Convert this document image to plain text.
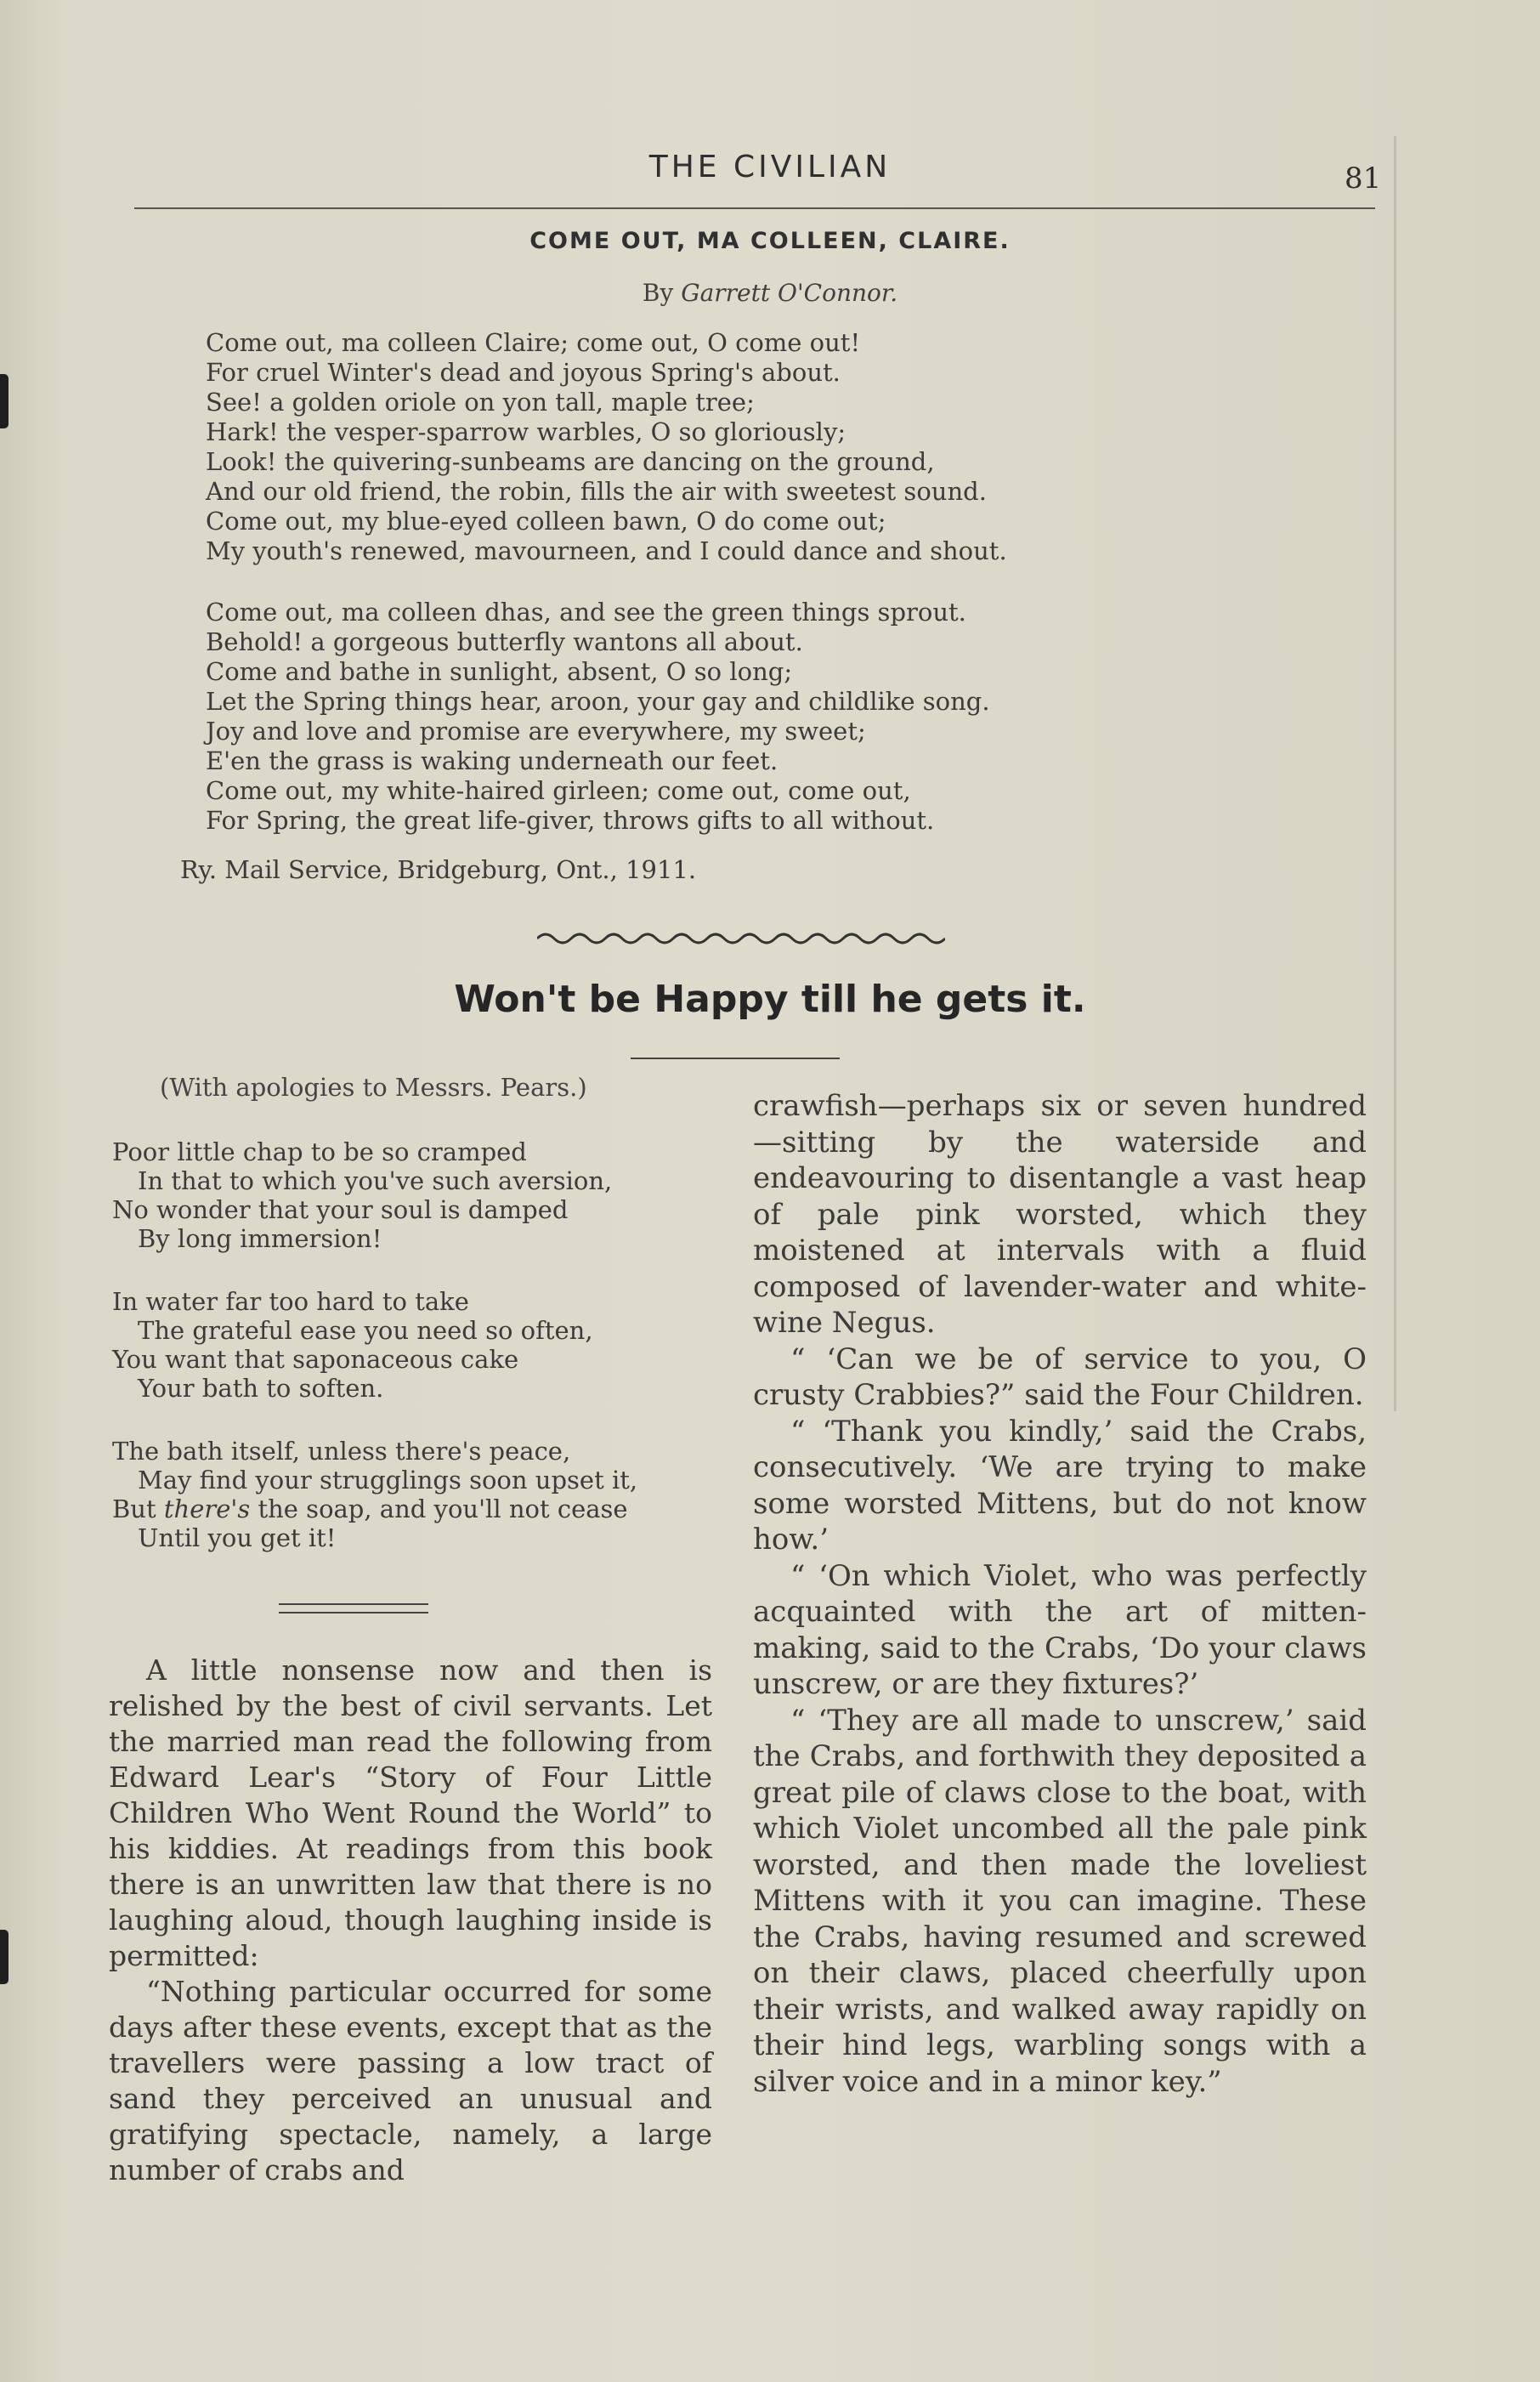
THE CIVILIAN	81
COME OUT, MA COLLEEN, CLAIRE.
By Garrett O'Connor.
Come out, ma colleen Claire; come out, O come out!
For cruel Winter's dead and joyous Spring's about.
See! a golden oriole on yon tall, maple tree;
Hark! the vesper-sparrow warbles, O so gloriously;
Look! the quivering-sunbeams are dancing on the ground,
And our old friend, the robin, fills the air with sweetest sound.
Come out, my blue-eyed colleen bawn, O do come out;
My youth's renewed, mavourneen, and I could dance and shout.
Come out, ma colleen dhas, and see the green things sprout.
Behold! a gorgeous butterfly wantons all about.
Come and bathe in sunlight, absent, O so long;
Let the Spring things hear, aroon, your gay and childlike song.
Joy and love and promise are everywhere, my sweet;
E'en the grass is waking underneath our feet.
Come out, my white-haired girleen; come out, come out,
For Spring, the great life-giver, throws gifts to all without.
Ry. Mail Service, Bridgeburg, Ont., 1911.
Won't be Happy till he gets it.
(With apologies to Messrs. Pears.)
Poor little chap to be so cramped
In that to which you've such aversion,
No wonder that your soul is damped
By long immersion!
In water far too hard to take
The grateful ease you need so often,
You want that saponaceous cake
Your bath to soften.
The bath itself, unless there's peace,
May find your strugglings soon upset it,
But there's the soap, and you'll not cease
Until you get it!

A little nonsense now and then is relished by the best of civil servants. Let the married man read the following from Edward Lear's “Story of Four Little Children Who Went Round the World” to his kiddies. At readings from this book there is an unwritten law that there is no laughing aloud, though laughing inside is permitted:

“Nothing particular occurred for some days after these events, except that as the travellers were passing a low tract of sand they perceived an unusual and gratifying spectacle, namely, a large number of crabs and

crawfish—perhaps six or seven hundred—sitting by the waterside and endeavouring to disentangle a vast heap of pale pink worsted, which they moistened at intervals with a fluid composed of lavender-water and white-wine Negus.

“ ‘Can we be of service to you, O crusty Crabbies?” said the Four Children.

“ ‘Thank you kindly,’ said the Crabs, consecutively. ‘We are trying to make some worsted Mittens, but do not know how.’

“ ‘On which Violet, who was perfectly acquainted with the art of mitten-making, said to the Crabs, ‘Do your claws unscrew, or are they fixtures?’

“ ‘They are all made to unscrew,’ said the Crabs, and forthwith they deposited a great pile of claws close to the boat, with which Violet uncombed all the pale pink worsted, and then made the loveliest Mittens with it you can imagine. These the Crabs, having resumed and screwed on their claws, placed cheerfully upon their wrists, and walked away rapidly on their hind legs, warbling songs with a silver voice and in a minor key.”
